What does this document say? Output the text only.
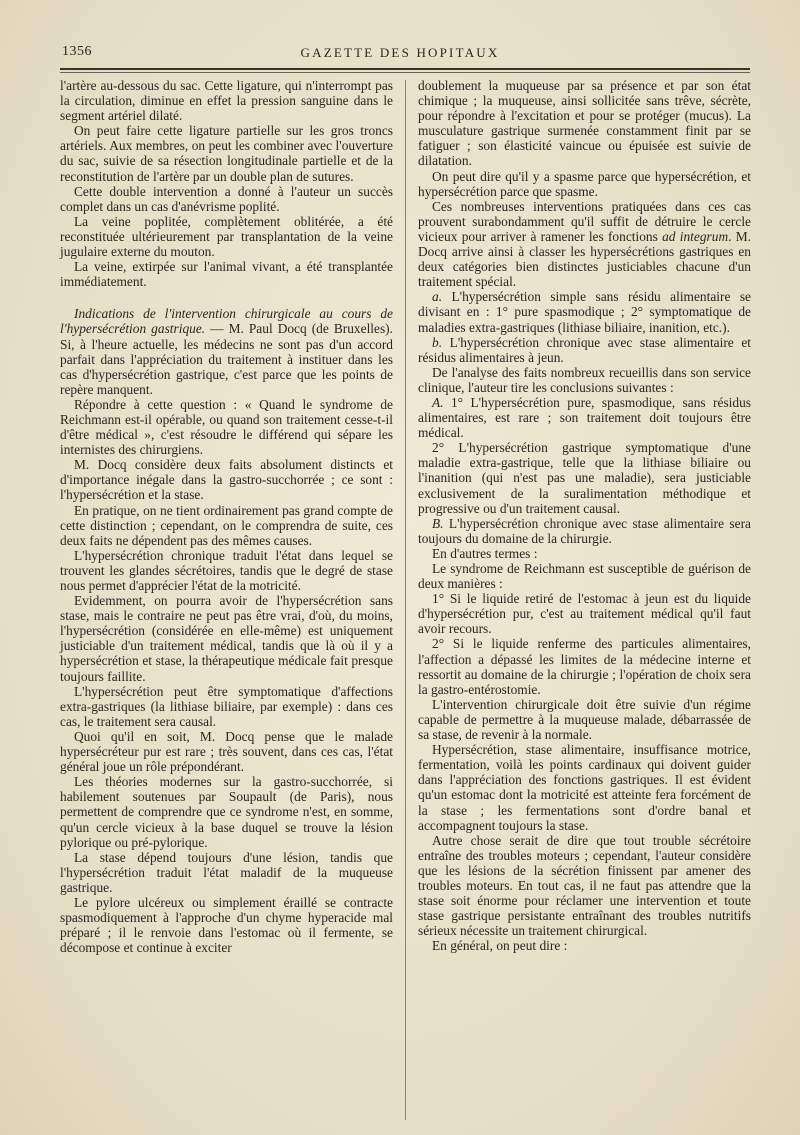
1356	GAZETTE DES HOPITAUX

l'artère au-dessous du sac. Cette ligature, qui n'interrompt pas la circulation, diminue en effet la pression sanguine dans le segment artériel dilaté.

On peut faire cette ligature partielle sur les gros troncs artériels. Aux membres, on peut les combiner avec l'ouverture du sac, suivie de sa résection longitudinale partielle et de la reconstitution de l'artère par un double plan de sutures.

Cette double intervention a donné à l'auteur un succès complet dans un cas d'anévrisme poplité.

La veine poplitée, complètement oblitérée, a été reconstituée ultérieurement par transplantation de la veine jugulaire externe du mouton.

La veine, extirpée sur l'animal vivant, a été transplantée immédiatement.

Indications de l'intervention chirurgicale au cours de l'hypersécrétion gastrique. — M. Paul Docq (de Bruxelles). Si, à l'heure actuelle, les médecins ne sont pas d'un accord parfait dans l'appréciation du traitement à instituer dans les cas d'hypersécrétion gastrique, c'est parce que les points de repère manquent.

Répondre à cette question : « Quand le syndrome de Reichmann est-il opérable, ou quand son traitement cesse-t-il d'être médical », c'est résoudre le différend qui sépare les internistes des chirurgiens.

M. Docq considère deux faits absolument distincts et d'importance inégale dans la gastro-succhorrée ; ce sont : l'hypersécrétion et la stase.

En pratique, on ne tient ordinairement pas grand compte de cette distinction ; cependant, on le comprendra de suite, ces deux faits ne dépendent pas des mêmes causes.

L'hypersécrétion chronique traduit l'état dans lequel se trouvent les glandes sécrétoires, tandis que le degré de stase nous permet d'apprécier l'état de la motricité.

Evidemment, on pourra avoir de l'hypersécrétion sans stase, mais le contraire ne peut pas être vrai, d'où, du moins, l'hypersécrétion (considérée en elle-même) est uniquement justiciable d'un traitement médical, tandis que là où il y a hypersécrétion et stase, la thérapeutique médicale fait presque toujours faillite.

L'hypersécrétion peut être symptomatique d'affections extra-gastriques (la lithiase biliaire, par exemple) : dans ces cas, le traitement sera causal.

Quoi qu'il en soit, M. Docq pense que le malade hypersécréteur pur est rare ; très souvent, dans ces cas, l'état général joue un rôle prépondérant.

Les théories modernes sur la gastro-succhorrée, si habilement soutenues par Soupault (de Paris), nous permettent de comprendre que ce syndrome n'est, en somme, qu'un cercle vicieux à la base duquel se trouve la lésion pylorique ou pré-pylorique.

La stase dépend toujours d'une lésion, tandis que l'hypersécrétion traduit l'état maladif de la muqueuse gastrique.

Le pylore ulcéreux ou simplement éraillé se contracte spasmodiquement à l'approche d'un chyme hyperacide mal préparé ; il le renvoie dans l'estomac où il fermente, se décompose et continue à exciter

doublement la muqueuse par sa présence et par son état chimique ; la muqueuse, ainsi sollicitée sans trêve, sécrète, pour répondre à l'excitation et pour se protéger (mucus). La musculature gastrique surmenée constamment finit par se fatiguer ; son élasticité vaincue ou épuisée est suivie de dilatation.

On peut dire qu'il y a spasme parce que hypersécrétion, et hypersécrétion parce que spasme.

Ces nombreuses interventions pratiquées dans ces cas prouvent surabondamment qu'il suffit de détruire le cercle vicieux pour arriver à ramener les fonctions ad integrum. M. Docq arrive ainsi à classer les hypersécrétions gastriques en deux catégories bien distinctes justiciables chacune d'un traitement spécial.

a. L'hypersécrétion simple sans résidu alimentaire se divisant en : 1° pure spasmodique ; 2° symptomatique de maladies extra-gastriques (lithiase biliaire, inanition, etc.).

b. L'hypersécrétion chronique avec stase alimentaire et résidus alimentaires à jeun.

De l'analyse des faits nombreux recueillis dans son service clinique, l'auteur tire les conclusions suivantes :

A. 1° L'hypersécrétion pure, spasmodique, sans résidus alimentaires, est rare ; son traitement doit toujours être médical.

2° L'hypersécrétion gastrique symptomatique d'une maladie extra-gastrique, telle que la lithiase biliaire ou l'inanition (qui n'est pas une maladie), sera justiciable exclusivement de la suralimentation méthodique et progressive ou d'un traitement causal.

B. L'hypersécrétion chronique avec stase alimentaire sera toujours du domaine de la chirurgie.

En d'autres termes :

Le syndrome de Reichmann est susceptible de guérison de deux manières :

1° Si le liquide retiré de l'estomac à jeun est du liquide d'hypersécrétion pur, c'est au traitement médical qu'il faut avoir recours.

2° Si le liquide renferme des particules alimentaires, l'affection a dépassé les limites de la médecine interne et ressortit au domaine de la chirurgie ; l'opération de choix sera la gastro-entérostomie.

L'intervention chirurgicale doit être suivie d'un régime capable de permettre à la muqueuse malade, débarrassée de sa stase, de revenir à la normale.

Hypersécrétion, stase alimentaire, insuffisance motrice, fermentation, voilà les points cardinaux qui doivent guider dans l'appréciation des fonctions gastriques. Il est évident qu'un estomac dont la motricité est atteinte fera forcément de la stase ; les fermentations sont d'ordre banal et accompagnent toujours la stase.

Autre chose serait de dire que tout trouble sécrétoire entraîne des troubles moteurs ; cependant, l'auteur considère que les lésions de la sécrétion finissent par amener des troubles moteurs. En tout cas, il ne faut pas attendre que la stase soit énorme pour réclamer une intervention et toute stase gastrique persistante entraînant des troubles nutritifs sérieux nécessite un traitement chirurgical.

En général, on peut dire :
